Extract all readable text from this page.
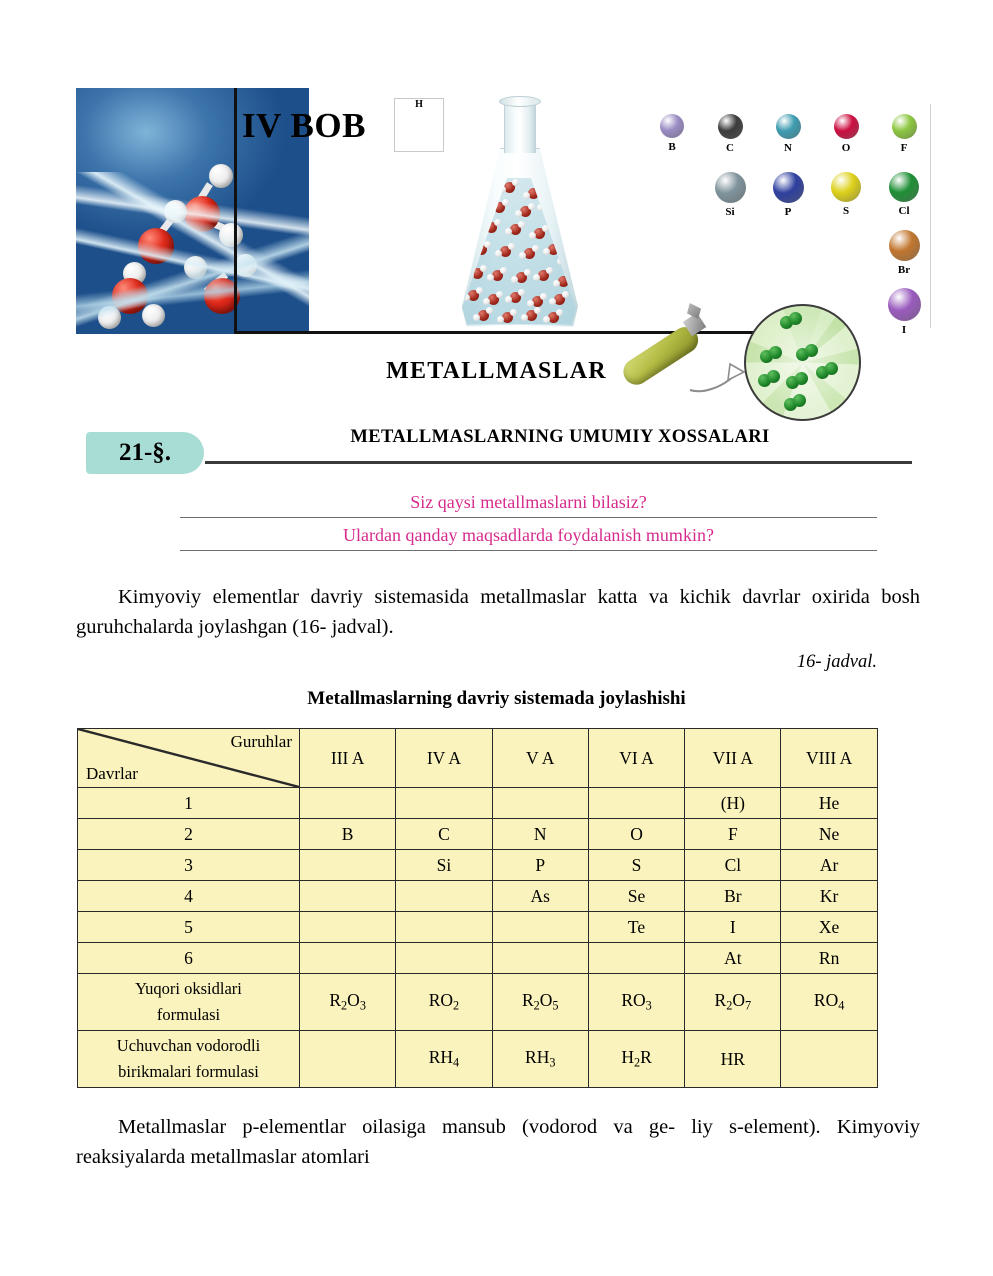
IV BOB
H
B	C	N	O	F
Si	P	S	Cl
Br
I
METALLMASLAR
21-§.
METALLMASLARNING UMUMIY XOSSALARI
Siz qaysi metallmaslarni bilasiz?
Ulardan qanday maqsadlarda foydalanish mumkin?
Kimyoviy elementlar davriy sistemasida metallmaslar katta va kichik davrlar oxirida bosh guruhchalarda joylashgan (16- jadval).
16- jadval.
Metallmaslarning davriy sistemada joylashishi
Guruhlar
Davrlar	III A	IV A	V A	VI A	VII A	VIII A
1					(H)	He
2	B	C	N	O	F	Ne
3		Si	P	S	Cl	Ar
4			As	Se	Br	Kr
5				Te	I	Xe
6					At	Rn

Yuqori oksidlari
formulasi	$R_2O_3$	$RO_2$	$R_2O_5$	$RO_3$	$R_2O_7$	$RO_4$

Uchuvchan vodorodli
birikmalari formulasi		$RH_4$	$RH_3$	$H_2R$	HR	
Metallmaslar p-elementlar oilasiga mansub (vodorod va ge- liy s-element). Kimyoviy reaksiyalarda metallmaslar atomlari
